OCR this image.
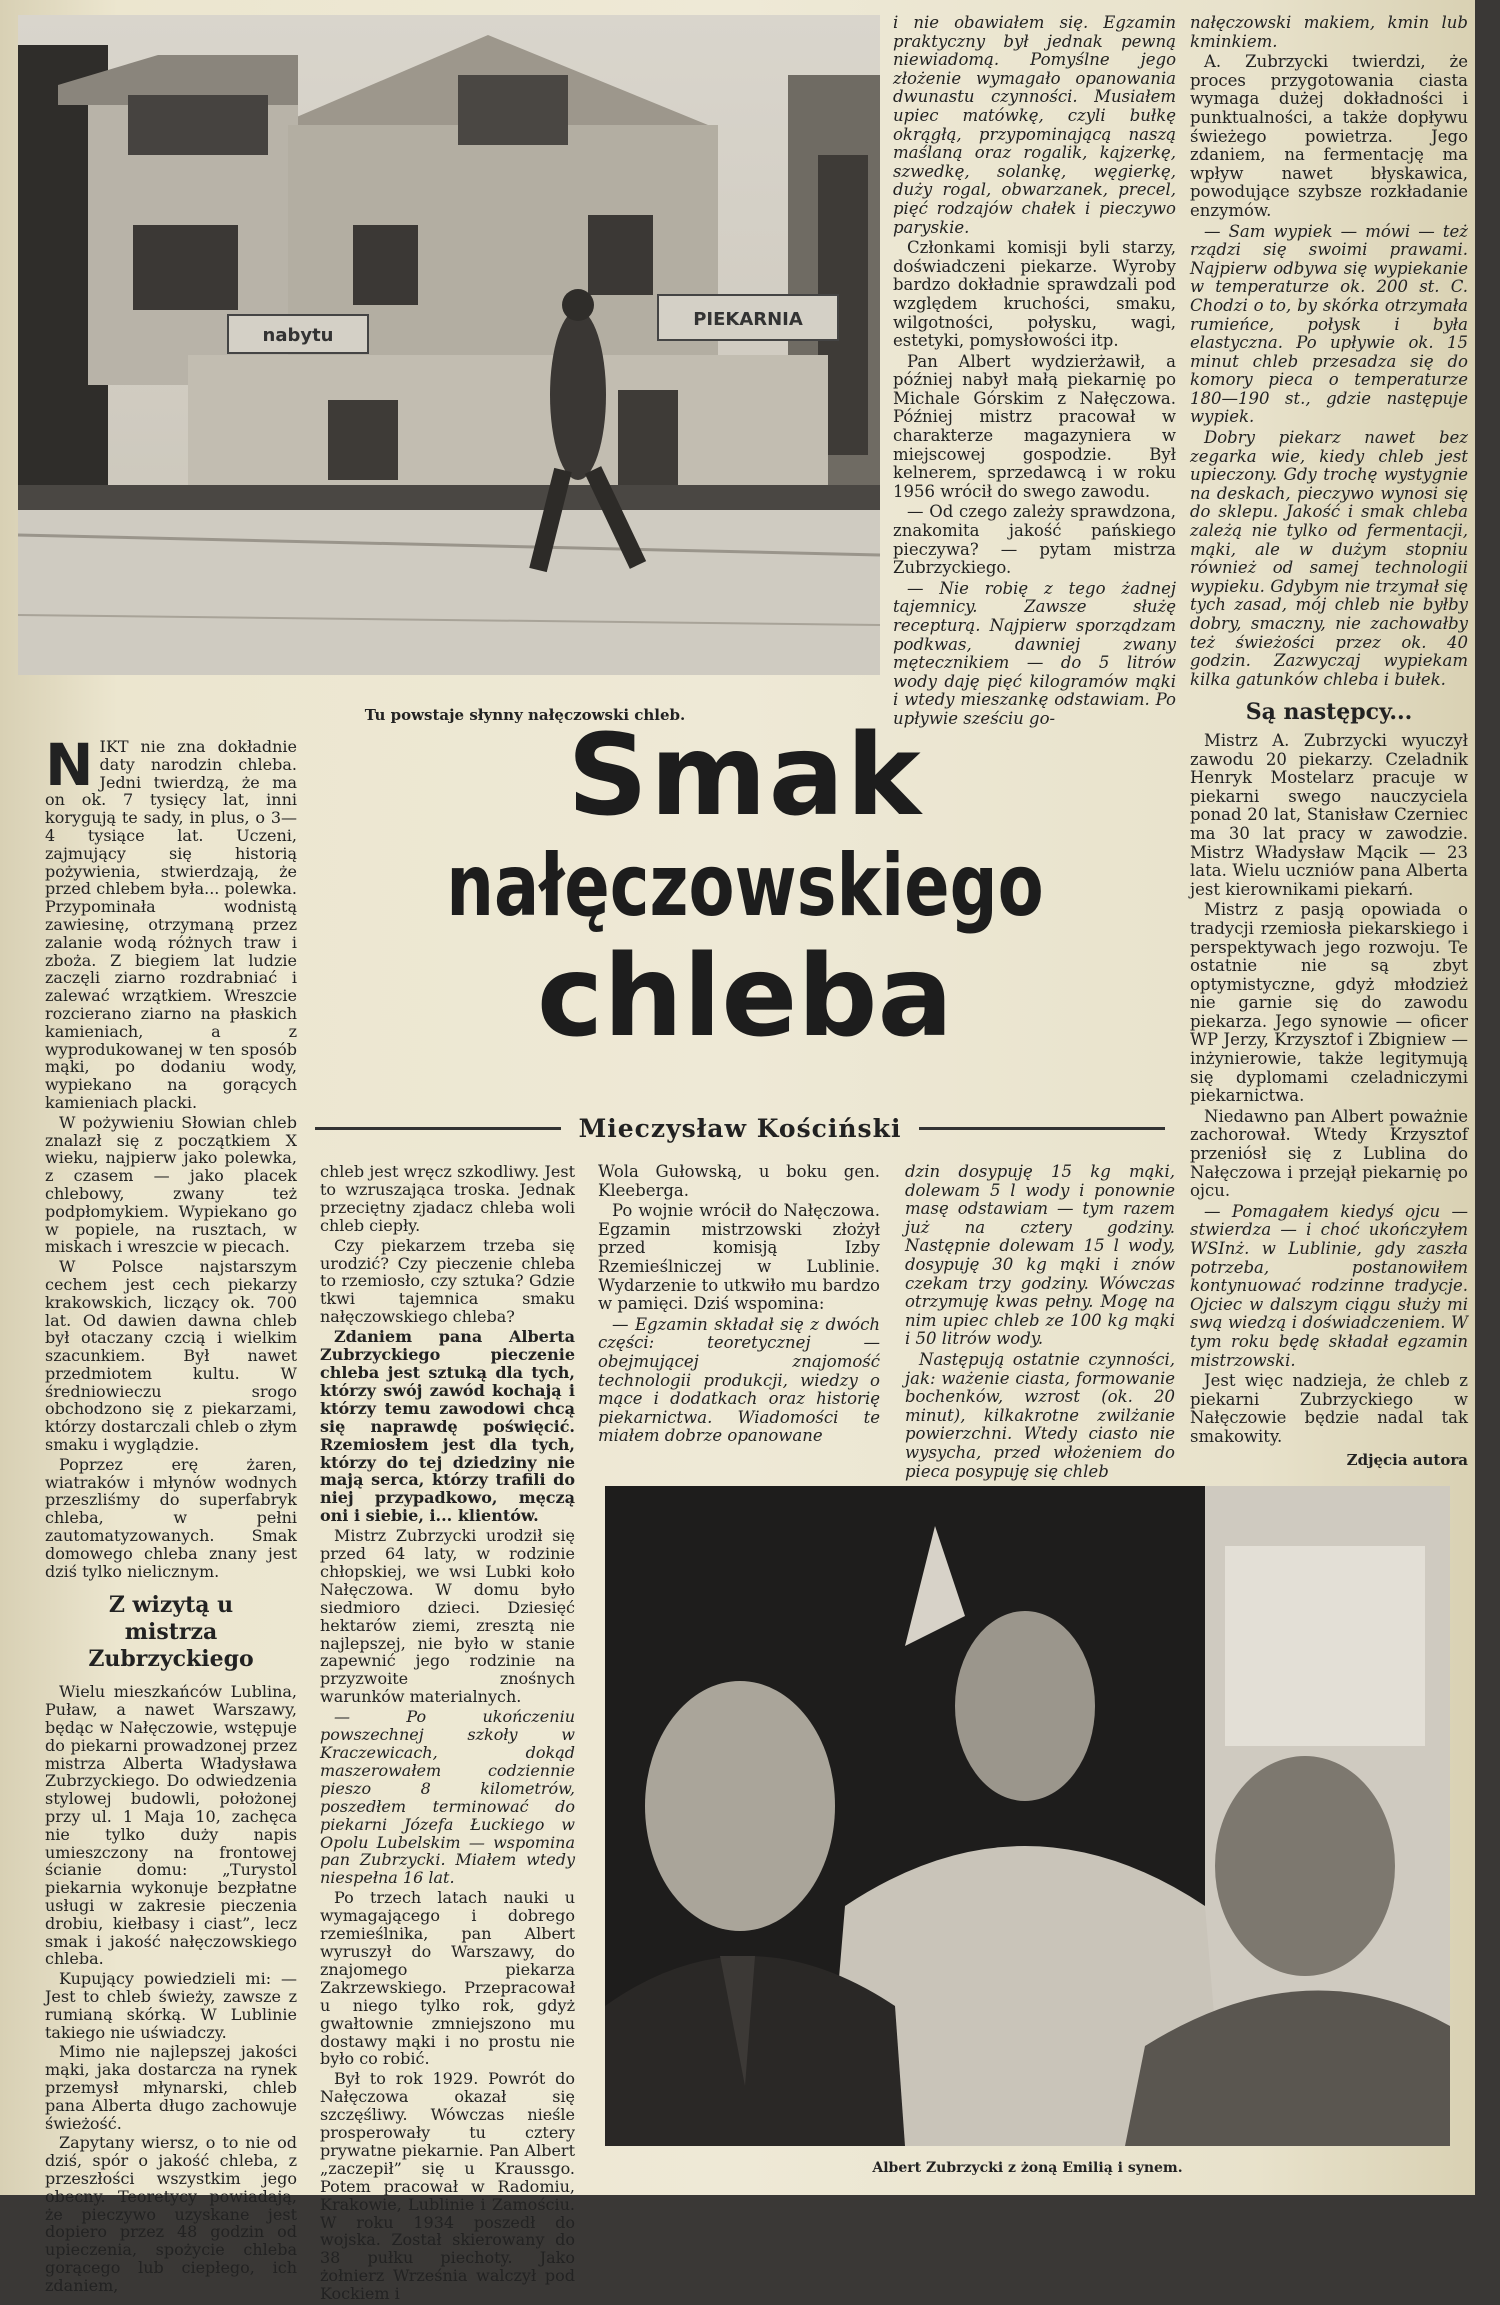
nabytu
PIEKARNIA
Tu powstaje słynny nałęczowski chleb.

i nie obawiałem się. Egzamin praktyczny był jednak pewną niewiadomą. Pomyślne jego złożenie wymagało opanowania dwunastu czynności. Musiałem upiec matówkę, czyli bułkę okrągłą, przypominającą naszą maślaną oraz rogalik, kajzerkę, szwedkę, solankę, węgierkę, duży rogal, obwarzanek, precel, pięć rodzajów chałek i pieczywo paryskie.

Członkami komisji byli starzy, doświadczeni piekarze. Wyroby bardzo dokładnie sprawdzali pod względem kruchości, smaku, wilgotności, połysku, wagi, estetyki, pomysłowości itp.

Pan Albert wydzierżawił, a później nabył małą piekarnię po Michale Górskim z Nałęczowa. Później mistrz pracował w charakterze magazyniera w miejscowej gospodzie. Był kelnerem, sprzedawcą i w roku 1956 wrócił do swego zawodu.

— Od czego zależy sprawdzona, znakomita jakość pańskiego pieczywa? — pytam mistrza Zubrzyckiego.

— Nie robię z tego żadnej tajemnicy. Zawsze służę recepturą. Najpierw sporządzam podkwas, dawniej zwany mętecznikiem — do 5 litrów wody daję pięć kilogramów mąki i wtedy mieszankę odstawiam. Po upływie sześciu go-

nałęczowski makiem, kmin lub kminkiem.

A. Zubrzycki twierdzi, że proces przygotowania ciasta wymaga dużej dokładności i punktualności, a także dopływu świeżego powietrza. Jego zdaniem, na fermentację ma wpływ nawet błyskawica, powodujące szybsze rozkładanie enzymów.

— Sam wypiek — mówi — też rządzi się swoimi prawami. Najpierw odbywa się wypiekanie w temperaturze ok. 200 st. C. Chodzi o to, by skórka otrzymała rumieńce, połysk i była elastyczna. Po upływie ok. 15 minut chleb przesadza się do komory pieca o temperaturze 180—190 st., gdzie następuje wypiek.

Dobry piekarz nawet bez zegarka wie, kiedy chleb jest upieczony. Gdy trochę wystygnie na deskach, pieczywo wynosi się do sklepu. Jakość i smak chleba zależą nie tylko od fermentacji, mąki, ale w dużym stopniu również od samej technologii wypieku. Gdybym nie trzymał się tych zasad, mój chleb nie byłby dobry, smaczny, nie zachowałby też świeżości przez ok. 40 godzin. Zazwyczaj wypiekam kilka gatunków chleba i bułek.

Są następcy...

Mistrz A. Zubrzycki wyuczył zawodu 20 piekarzy. Czeladnik Henryk Mostelarz pracuje w piekarni swego nauczyciela ponad 20 lat, Stanisław Czerniec ma 30 lat pracy w zawodzie. Mistrz Władysław Mącik — 23 lata. Wielu uczniów pana Alberta jest kierownikami piekarń.

Mistrz z pasją opowiada o tradycji rzemiosła piekarskiego i perspektywach jego rozwoju. Te ostatnie nie są zbyt optymistyczne, gdyż młodzież nie garnie się do zawodu piekarza. Jego synowie — oficer WP Jerzy, Krzysztof i Zbigniew — inżynierowie, także legitymują się dyplomami czeladniczymi piekarnictwa.

Niedawno pan Albert poważnie zachorował. Wtedy Krzysztof przeniósł się z Lublina do Nałęczowa i przejął piekarnię po ojcu.

— Pomagałem kiedyś ojcu — stwierdza — i choć ukończyłem WSInż. w Lublinie, gdy zaszła potrzeba, postanowiłem kontynuować rodzinne tradycje. Ojciec w dalszym ciągu służy mi swą wiedzą i doświadczeniem. W tym roku będę składał egzamin mistrzowski.

Jest więc nadzieja, że chleb z piekarni Zubrzyckiego w Nałęczowie będzie nadal tak smakowity.

Zdjęcia autora
Smak
nałęczowskiego
chleba
Mieczysław Kościński

NIKT nie zna dokładnie daty narodzin chleba. Jedni twierdzą, że ma on ok. 7 tysięcy lat, inni korygują te sady, in plus, o 3—4 tysiące lat. Uczeni, zajmujący się historią pożywienia, stwierdzają, że przed chlebem była... polewka. Przypominała wodnistą zawiesinę, otrzymaną przez zalanie wodą różnych traw i zboża. Z biegiem lat ludzie zaczęli ziarno rozdrabniać i zalewać wrzątkiem. Wreszcie rozcierano ziarno na płaskich kamieniach, a z wyprodukowanej w ten sposób mąki, po dodaniu wody, wypiekano na gorących kamieniach placki.

W pożywieniu Słowian chleb znalazł się z początkiem X wieku, najpierw jako polewka, z czasem — jako placek chlebowy, zwany też podpłomykiem. Wypiekano go w popiele, na rusztach, w miskach i wreszcie w piecach.

W Polsce najstarszym cechem jest cech piekarzy krakowskich, liczący ok. 700 lat. Od dawien dawna chleb był otaczany czcią i wielkim szacunkiem. Był nawet przedmiotem kultu. W średniowieczu srogo obchodzono się z piekarzami, którzy dostarczali chleb o złym smaku i wyglądzie.

Poprzez erę żaren, wiatraków i młynów wodnych przeszliśmy do superfabryk chleba, w pełni zautomatyzowanych. Smak domowego chleba znany jest dziś tylko nielicznym.

Z wizytą u mistrza Zubrzyckiego

Wielu mieszkańców Lublina, Puław, a nawet Warszawy, będąc w Nałęczowie, wstępuje do piekarni prowadzonej przez mistrza Alberta Władysława Zubrzyckiego. Do odwiedzenia stylowej budowli, położonej przy ul. 1 Maja 10, zachęca nie tylko duży napis umieszczony na frontowej ścianie domu: „Turystol piekarnia wykonuje bezpłatne usługi w zakresie pieczenia drobiu, kiełbasy i ciast”, lecz smak i jakość nałęczowskiego chleba.

Kupujący powiedzieli mi: — Jest to chleb świeży, zawsze z rumianą skórką. W Lublinie takiego nie uświadczy.

Mimo nie najlepszej jakości mąki, jaka dostarcza na rynek przemysł młynarski, chleb pana Alberta długo zachowuje świeżość.

Zapytany wiersz, o to nie od dziś, spór o jakość chleba, z przeszłości wszystkim jego obecny. Teoretycy powiadają, że pieczywo uzyskane jest dopiero przez 48 godzin od upieczenia, spożycie chleba gorącego lub ciepłego, ich zdaniem,

chleb jest wręcz szkodliwy. Jest to wzruszająca troska. Jednak przeciętny zjadacz chleba woli chleb ciepły.

Czy piekarzem trzeba się urodzić? Czy pieczenie chleba to rzemiosło, czy sztuka? Gdzie tkwi tajemnica smaku nałęczowskiego chleba?

Zdaniem pana Alberta Zubrzyckiego pieczenie chleba jest sztuką dla tych, którzy swój zawód kochają i którzy temu zawodowi chcą się naprawdę poświęcić. Rzemiosłem jest dla tych, którzy do tej dziedziny nie mają serca, którzy trafili do niej przypadkowo, męczą oni i siebie, i... klientów.

Mistrz Zubrzycki urodził się przed 64 laty, w rodzinie chłopskiej, we wsi Lubki koło Nałęczowa. W domu było siedmioro dzieci. Dziesięć hektarów ziemi, zresztą nie najlepszej, nie było w stanie zapewnić jego rodzinie na przyzwoite znośnych warunków materialnych.

— Po ukończeniu powszechnej szkoły w Kraczewicach, dokąd maszerowałem codziennie pieszo 8 kilometrów, poszedłem terminować do piekarni Józefa Łuckiego w Opolu Lubelskim — wspomina pan Zubrzycki. Miałem wtedy niespełna 16 lat.

Po trzech latach nauki u wymagającego i dobrego rzemieślnika, pan Albert wyruszył do Warszawy, do znajomego piekarza Zakrzewskiego. Przepracował u niego tylko rok, gdyż gwałtownie zmniejszono mu dostawy mąki i no prostu nie było co robić.

Był to rok 1929. Powrót do Nałęczowa okazał się szczęśliwy. Wówczas nieśle prosperowały tu cztery prywatne piekarnie. Pan Albert „zaczepił” się u Kraussgo. Potem pracował w Radomiu, Krakowie, Lublinie i Zamościu. W roku 1934 poszedł do wojska. Został skierowany do 38 pułku piechoty. Jako żołnierz Września walczył pod Kockiem i

Wola Gułowską, u boku gen. Kleeberga.

Po wojnie wrócił do Nałęczowa. Egzamin mistrzowski złożył przed komisją Izby Rzemieślniczej w Lublinie. Wydarzenie to utkwiło mu bardzo w pamięci. Dziś wspomina:

— Egzamin składał się z dwóch części: teoretycznej — obejmującej znajomość technologii produkcji, wiedzy o mące i dodatkach oraz historię piekarnictwa. Wiadomości te miałem dobrze opanowane

dzin dosypuję 15 kg mąki, dolewam 5 l wody i ponownie masę odstawiam — tym razem już na cztery godziny. Następnie dolewam 15 l wody, dosypuję 30 kg mąki i znów czekam trzy godziny. Wówczas otrzymuję kwas pełny. Mogę na nim upiec chleb ze 100 kg mąki i 50 litrów wody.

Następują ostatnie czynności, jak: ważenie ciasta, formowanie bochenków, wzrost (ok. 20 minut), kilkakrotne zwilżanie powierzchni. Wtedy ciasto nie wysycha, przed włożeniem do pieca posypuję się chleb

Albert Zubrzycki z żoną Emilią i synem.
